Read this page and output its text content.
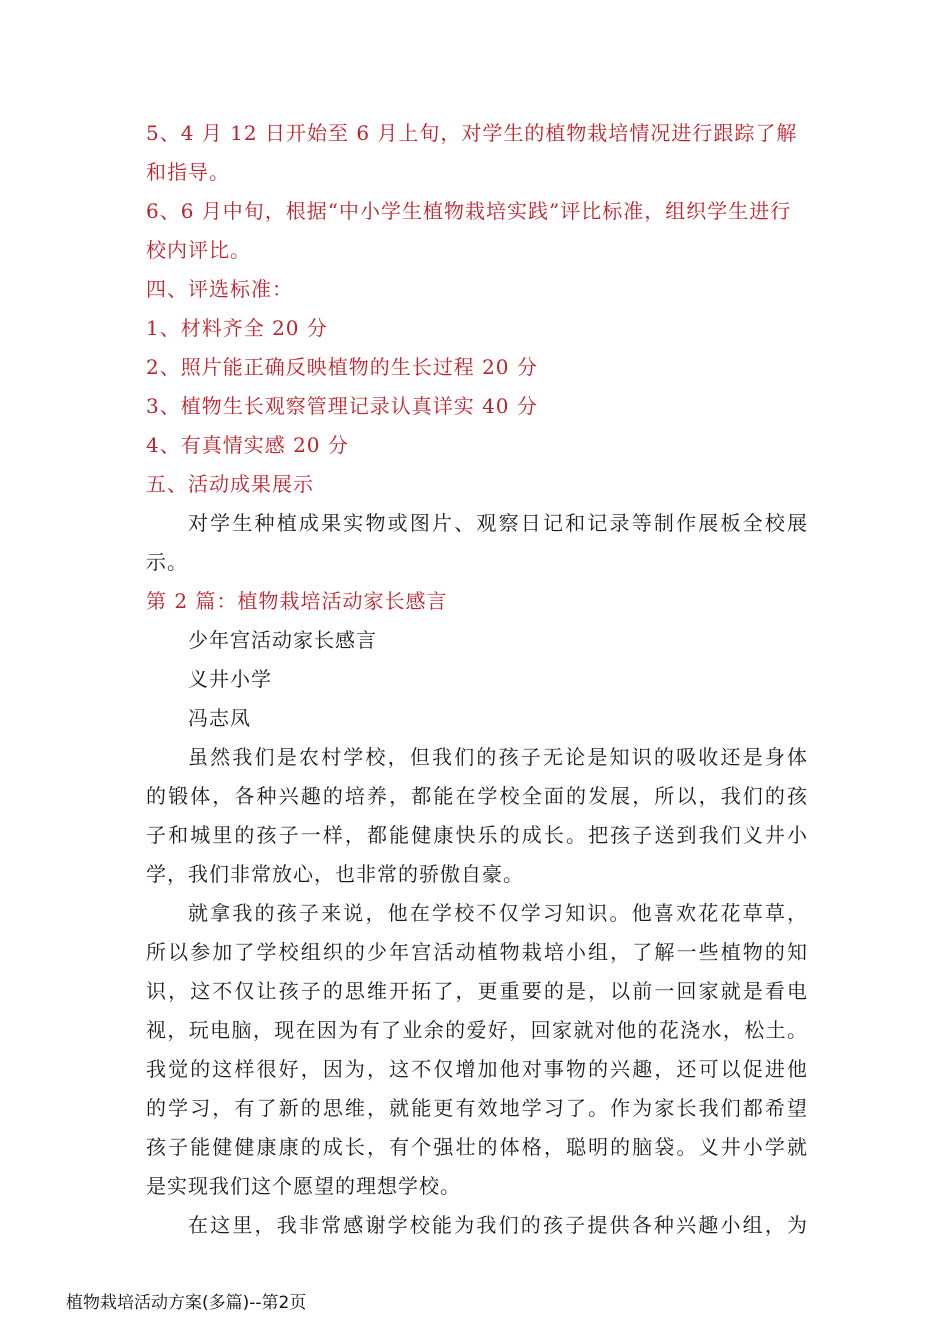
5、4 月 12 日开始至 6 月上旬，对学生的植物栽培情况进行跟踪了解
和指导。
6、6 月中旬，根据“中小学生植物栽培实践”评比标准，组织学生进行
校内评比。
四、评选标准：
1、材料齐全 20 分
2、照片能正确反映植物的生长过程 20 分
3、植物生长观察管理记录认真详实 40 分
4、有真情实感 20 分
五、活动成果展示
对学生种植成果实物或图片、观察日记和记录等制作展板全校展
示。
第 2 篇：植物栽培活动家长感言
少年宫活动家长感言
义井小学
冯志凤
虽然我们是农村学校，但我们的孩子无论是知识的吸收还是身体
的锻体，各种兴趣的培养，都能在学校全面的发展，所以，我们的孩
子和城里的孩子一样，都能健康快乐的成长。把孩子送到我们义井小
学，我们非常放心，也非常的骄傲自豪。
就拿我的孩子来说，他在学校不仅学习知识。他喜欢花花草草，
所以参加了学校组织的少年宫活动植物栽培小组，了解一些植物的知
识，这不仅让孩子的思维开拓了，更重要的是，以前一回家就是看电
视，玩电脑，现在因为有了业余的爱好，回家就对他的花浇水，松土。
我觉的这样很好，因为，这不仅增加他对事物的兴趣，还可以促进他
的学习，有了新的思维，就能更有效地学习了。作为家长我们都希望
孩子能健健康康的成长，有个强壮的体格，聪明的脑袋。义井小学就
是实现我们这个愿望的理想学校。
在这里，我非常感谢学校能为我们的孩子提供各种兴趣小组，为
植物栽培活动方案(多篇)--第2页
